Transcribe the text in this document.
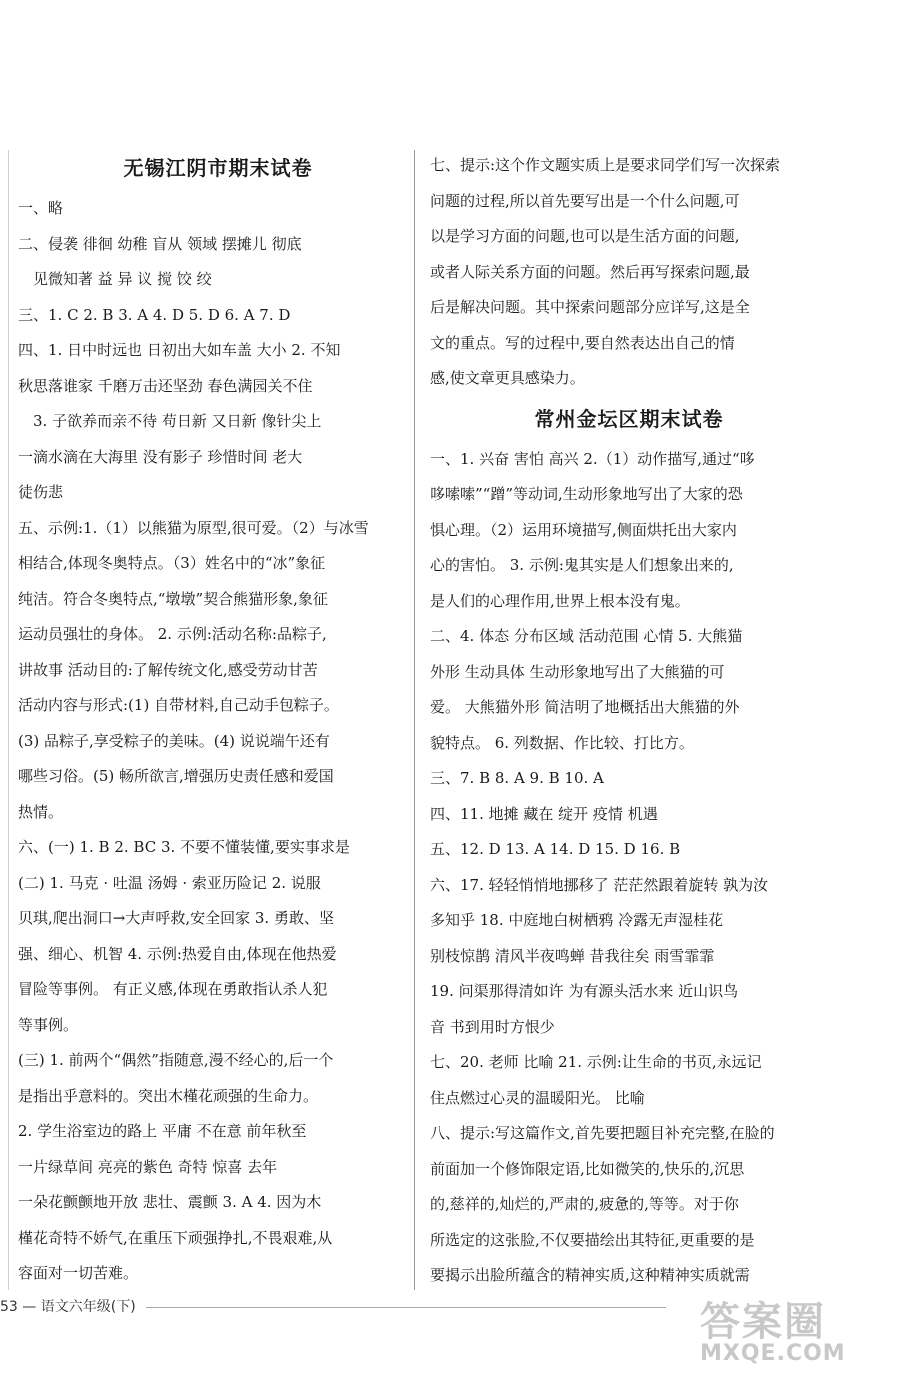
无锡江阴市期末试卷
一、略
二、侵袭 徘徊 幼稚 盲从 领域 摆摊儿 彻底
　见微知著 益 异 议 搅 饺 绞
三、1. C 2. B 3. A 4. D 5. D 6. A 7. D
四、1. 日中时远也 日初出大如车盖 大小 2. 不知
秋思落谁家 千磨万击还坚劲 春色满园关不住
　3. 子欲养而亲不待 苟日新 又日新 像针尖上
一滴水滴在大海里 没有影子 珍惜时间 老大
徒伤悲
五、示例:1.（1）以熊猫为原型,很可爱。（2）与冰雪
相结合,体现冬奥特点。（3）姓名中的“冰”象征
纯洁。符合冬奥特点,“墩墩”契合熊猫形象,象征
运动员强壮的身体。 2. 示例:活动名称:品粽子,
讲故事 活动目的:了解传统文化,感受劳动甘苦
活动内容与形式:(1) 自带材料,自己动手包粽子。
(3) 品粽子,享受粽子的美味。(4) 说说端午还有
哪些习俗。(5) 畅所欲言,增强历史责任感和爱国
热情。
六、(一) 1. B 2. BC 3. 不要不懂装懂,要实事求是
(二) 1. 马克 · 吐温 汤姆 · 索亚历险记 2. 说服
贝琪,爬出洞口→大声呼救,安全回家 3. 勇敢、坚
强、细心、机智 4. 示例:热爱自由,体现在他热爱
冒险等事例。 有正义感,体现在勇敢指认杀人犯
等事例。
(三) 1. 前两个“偶然”指随意,漫不经心的,后一个
是指出乎意料的。突出木槿花顽强的生命力。
2. 学生浴室边的路上 平庸 不在意 前年秋至
一片绿草间 亮亮的紫色 奇特 惊喜 去年
一朵花颤颤地开放 悲壮、震颤 3. A 4. 因为木
槿花奇特不娇气,在重压下顽强挣扎,不畏艰难,从
容面对一切苦难。
七、提示:这个作文题实质上是要求同学们写一次探索
问题的过程,所以首先要写出是一个什么问题,可
以是学习方面的问题,也可以是生活方面的问题,
或者人际关系方面的问题。然后再写探索问题,最
后是解决问题。其中探索问题部分应详写,这是全
文的重点。写的过程中,要自然表达出自己的情
感,使文章更具感染力。
常州金坛区期末试卷
一、1. 兴奋 害怕 高兴 2.（1）动作描写,通过“哆
哆嗦嗦”“蹭”等动词,生动形象地写出了大家的恐
惧心理。（2）运用环境描写,侧面烘托出大家内
心的害怕。 3. 示例:鬼其实是人们想象出来的,
是人们的心理作用,世界上根本没有鬼。
二、4. 体态 分布区域 活动范围 心情 5. 大熊猫
外形 生动具体 生动形象地写出了大熊猫的可
爱。 大熊猫外形 简洁明了地概括出大熊猫的外
貌特点。 6. 列数据、作比较、打比方。
三、7. B 8. A 9. B 10. A
四、11. 地摊 藏在 绽开 疫情 机遇
五、12. D 13. A 14. D 15. D 16. B
六、17. 轻轻悄悄地挪移了 茫茫然跟着旋转 孰为汝
多知乎 18. 中庭地白树栖鸦 冷露无声湿桂花
别枝惊鹊 清风半夜鸣蝉 昔我往矣 雨雪霏霏
19. 问渠那得清如许 为有源头活水来 近山识鸟
音 书到用时方恨少
七、20. 老师 比喻 21. 示例:让生命的书页,永远记
住点燃过心灵的温暖阳光。 比喻
八、提示:写这篇作文,首先要把题目补充完整,在脸的
前面加一个修饰限定语,比如微笑的,快乐的,沉思
的,慈祥的,灿烂的,严肃的,疲惫的,等等。对于你
所选定的这张脸,不仅要描绘出其特征,更重要的是
要揭示出脸所蕴含的精神实质,这种精神实质就需
53 — 语文六年级(下)	答案圈
MXQE.COM
